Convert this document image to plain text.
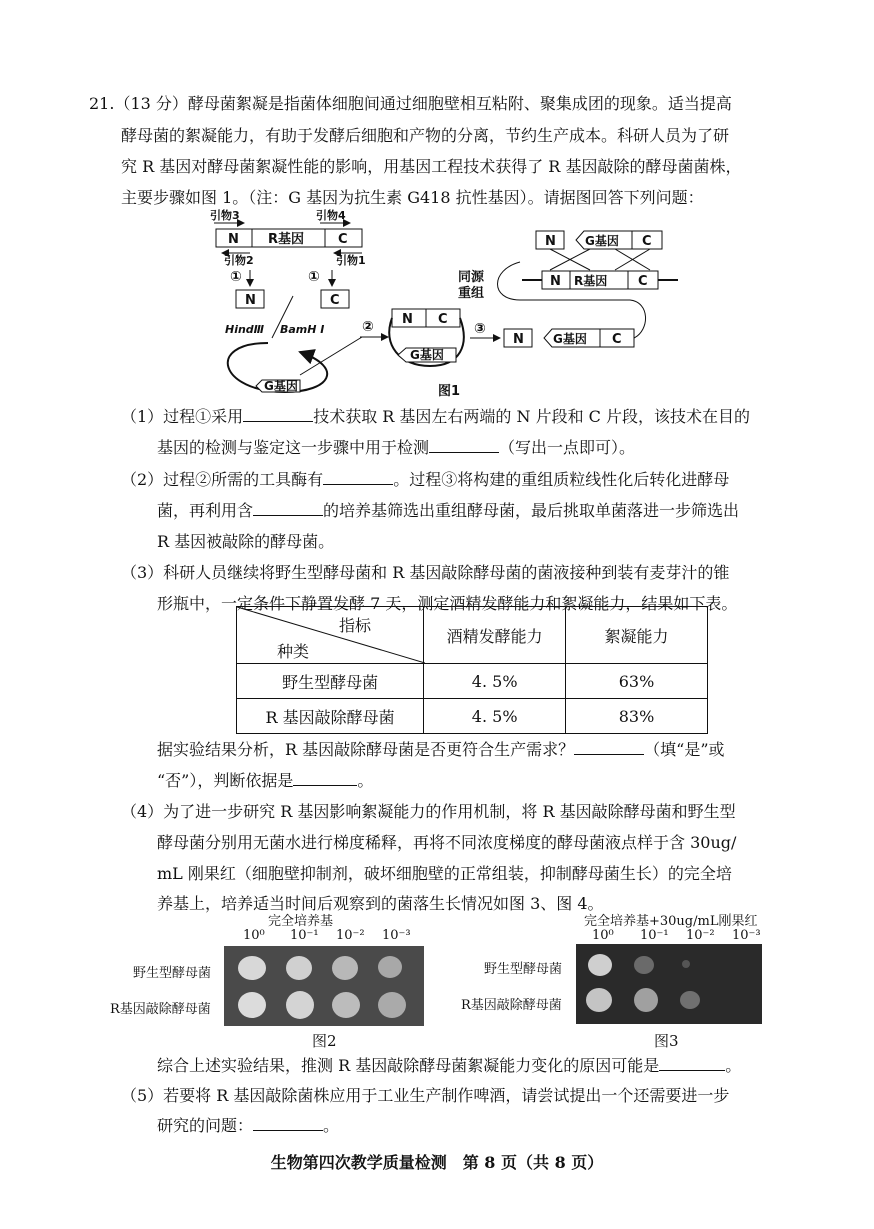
21.（13 分）酵母菌絮凝是指菌体细胞间通过细胞壁相互粘附、聚集成团的现象。适当提高
酵母菌的絮凝能力，有助于发酵后细胞和产物的分离，节约生产成本。科研人员为了研
究 R 基因对酵母菌絮凝性能的影响，用基因工程技术获得了 R 基因敲除的酵母菌菌株，
主要步骤如图 1。（注：G 基因为抗生素 G418 抗性基因）。请据图回答下列问题：
引物3	引物4
N R基因	C
引物2	引物1
①	①
N	C
HindⅢ BamH Ⅰ
G基因
② N C
G基因
③
N G基因 C
同源
重组
N G基因 C
N R基因 C
图1
（1）过程①采用	技术获取 R 基因左右两端的 N 片段和 C 片段，该技术在目的
基因的检测与鉴定这一步骤中用于检测	（写出一点即可）。
（2）过程②所需的工具酶有	。过程③将构建的重组质粒线性化后转化进酵母
菌，再利用含	的培养基筛选出重组酵母菌，最后挑取单菌落进一步筛选出
R 基因被敲除的酵母菌。
（3）科研人员继续将野生型酵母菌和 R 基因敲除酵母菌的菌液接种到装有麦芽汁的锥
形瓶中，一定条件下静置发酵 7 天，测定酒精发酵能力和絮凝能力，结果如下表。
指标
种类	酒精发酵能力	絮凝能力
野生型酵母菌	4. 5%	63%
R 基因敲除酵母菌	4. 5%	83%
据实验结果分析，R 基因敲除酵母菌是否更符合生产需求？	（填“是”或
“否”），判断依据是	。
（4）为了进一步研究 R 基因影响絮凝能力的作用机制，将 R 基因敲除酵母菌和野生型
酵母菌分别用无菌水进行梯度稀释，再将不同浓度梯度的酵母菌液点样于含 30ug/
mL 刚果红（细胞壁抑制剂，破坏细胞壁的正常组装，抑制酵母菌生长）的完全培
养基上，培养适当时间后观察到的菌落生长情况如图 3、图 4。
完全培养基
10⁰ 10⁻¹ 10⁻² 10⁻³
野生型酵母菌
R基因敲除酵母菌
图2
完全培养基+30ug/mL刚果红
10⁰ 10⁻¹ 10⁻² 10⁻³
野生型酵母菌
R基因敲除酵母菌
图3
综合上述实验结果，推测 R 基因敲除酵母菌絮凝能力变化的原因可能是	。
（5）若要将 R 基因敲除菌株应用于工业生产制作啤酒，请尝试提出一个还需要进一步
研究的问题：	。
生物第四次教学质量检测　第 8 页（共 8 页）
